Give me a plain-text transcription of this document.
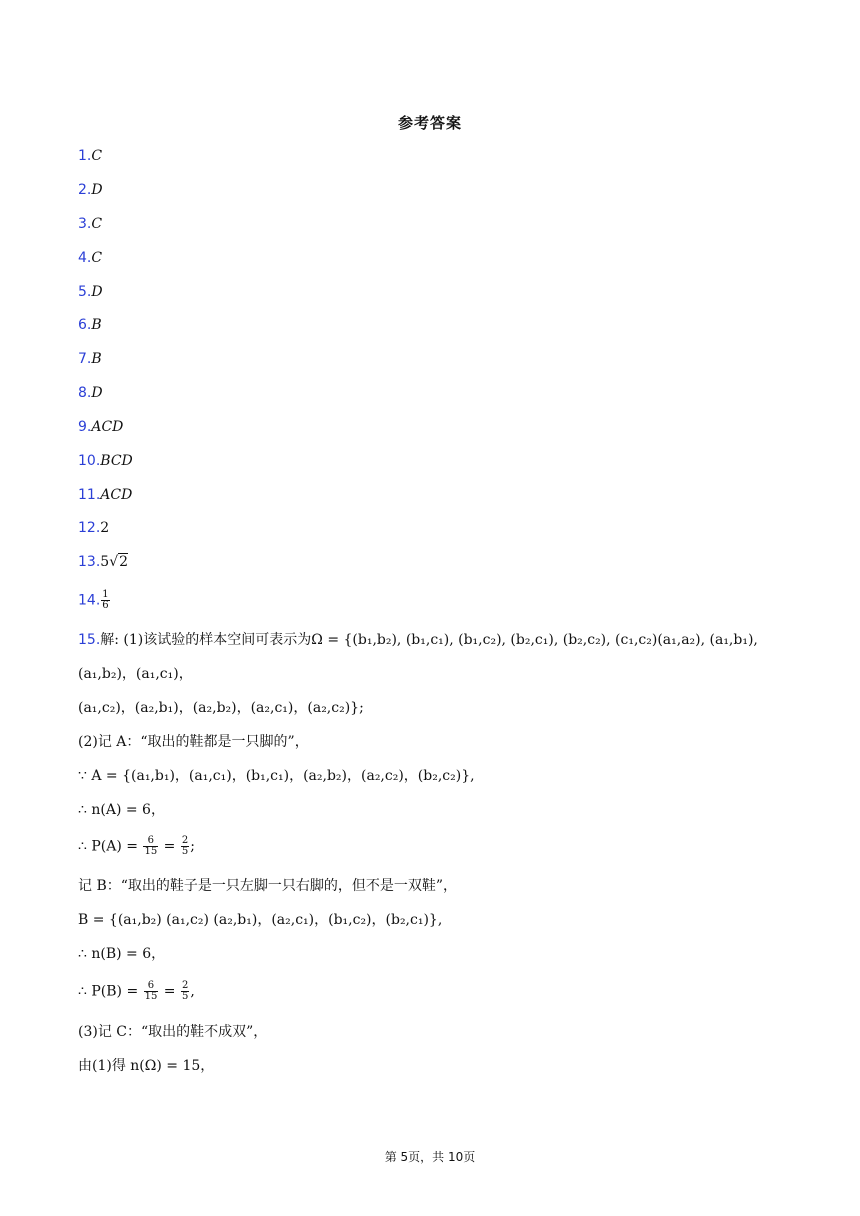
参考答案
1.C
2.D
3.C
4.C
5.D
6.B
7.B
8.D
9.ACD
10.BCD
11.ACD
12.2
13.5√2
14. $\frac{1}{6}$
15.解: (1)该试验的样本空间可表示为Ω = {(b₁,b₂), (b₁,c₁), (b₁,c₂), (b₂,c₁), (b₂,c₂), (c₁,c₂)(a₁,a₂), (a₁,b₁),
(a₁,b₂)，(a₁,c₁)，
(a₁,c₂)，(a₂,b₁)，(a₂,b₂)，(a₂,c₁)，(a₂,c₂)};
(2)记 A：“取出的鞋都是一只脚的”，
∵ A = {(a₁,b₁)，(a₁,c₁)，(b₁,c₁)，(a₂,b₂)，(a₂,c₂)，(b₂,c₂)},
∴ n(A) = 6，
∴ $P(A) = \frac{6}{15} = \frac{2}{5}$ ;
记 B：“取出的鞋子是一只左脚一只右脚的，但不是一双鞋”，
B = {(a₁,b₂) (a₁,c₂) (a₂,b₁)，(a₂,c₁)，(b₁,c₂)，(b₂,c₁)},
∴ n(B) = 6，
∴ $P(B) = \frac{6}{15} = \frac{2}{5}$ ,
(3)记 C：“取出的鞋不成双”，
由(1)得 n(Ω) = 15，
第 5页，共 10页
